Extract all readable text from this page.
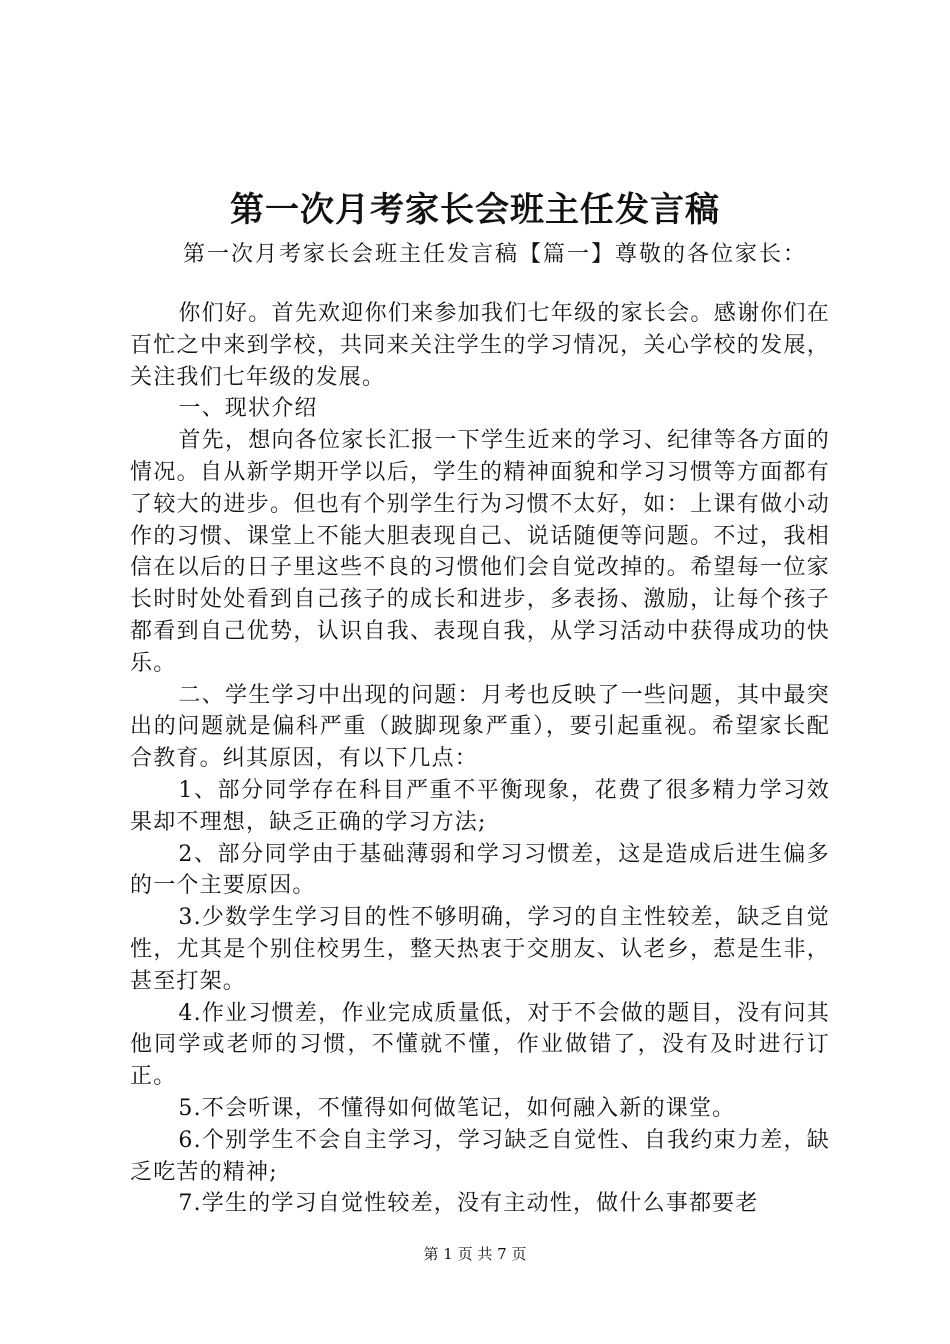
第一次月考家长会班主任发言稿
第一次月考家长会班主任发言稿【篇一】尊敬的各位家长：

你们好。首先欢迎你们来参加我们七年级的家长会。感谢你们在百忙之中来到学校，共同来关注学生的学习情况，关心学校的发展，关注我们七年级的发展。

一、现状介绍

首先，想向各位家长汇报一下学生近来的学习、纪律等各方面的情况。自从新学期开学以后，学生的精神面貌和学习习惯等方面都有了较大的进步。但也有个别学生行为习惯不太好，如：上课有做小动作的习惯、课堂上不能大胆表现自己、说话随便等问题。不过，我相信在以后的日子里这些不良的习惯他们会自觉改掉的。希望每一位家长时时处处看到自己孩子的成长和进步，多表扬、激励，让每个孩子都看到自己优势，认识自我、表现自我，从学习活动中获得成功的快乐。

二、学生学习中出现的问题：月考也反映了一些问题，其中最突出的问题就是偏科严重（跛脚现象严重），要引起重视。希望家长配合教育。纠其原因，有以下几点：

1、部分同学存在科目严重不平衡现象，花费了很多精力学习效果却不理想，缺乏正确的学习方法;

2、部分同学由于基础薄弱和学习习惯差，这是造成后进生偏多的一个主要原因。

3.少数学生学习目的性不够明确，学习的自主性较差，缺乏自觉性，尤其是个别住校男生，整天热衷于交朋友、认老乡，惹是生非，甚至打架。

4.作业习惯差，作业完成质量低，对于不会做的题目，没有问其他同学或老师的习惯，不懂就不懂，作业做错了，没有及时进行订正。

5.不会听课，不懂得如何做笔记，如何融入新的课堂。

6.个别学生不会自主学习，学习缺乏自觉性、自我约束力差，缺乏吃苦的精神;

7.学生的学习自觉性较差，没有主动性，做什么事都要老

第 1 页 共 7 页
